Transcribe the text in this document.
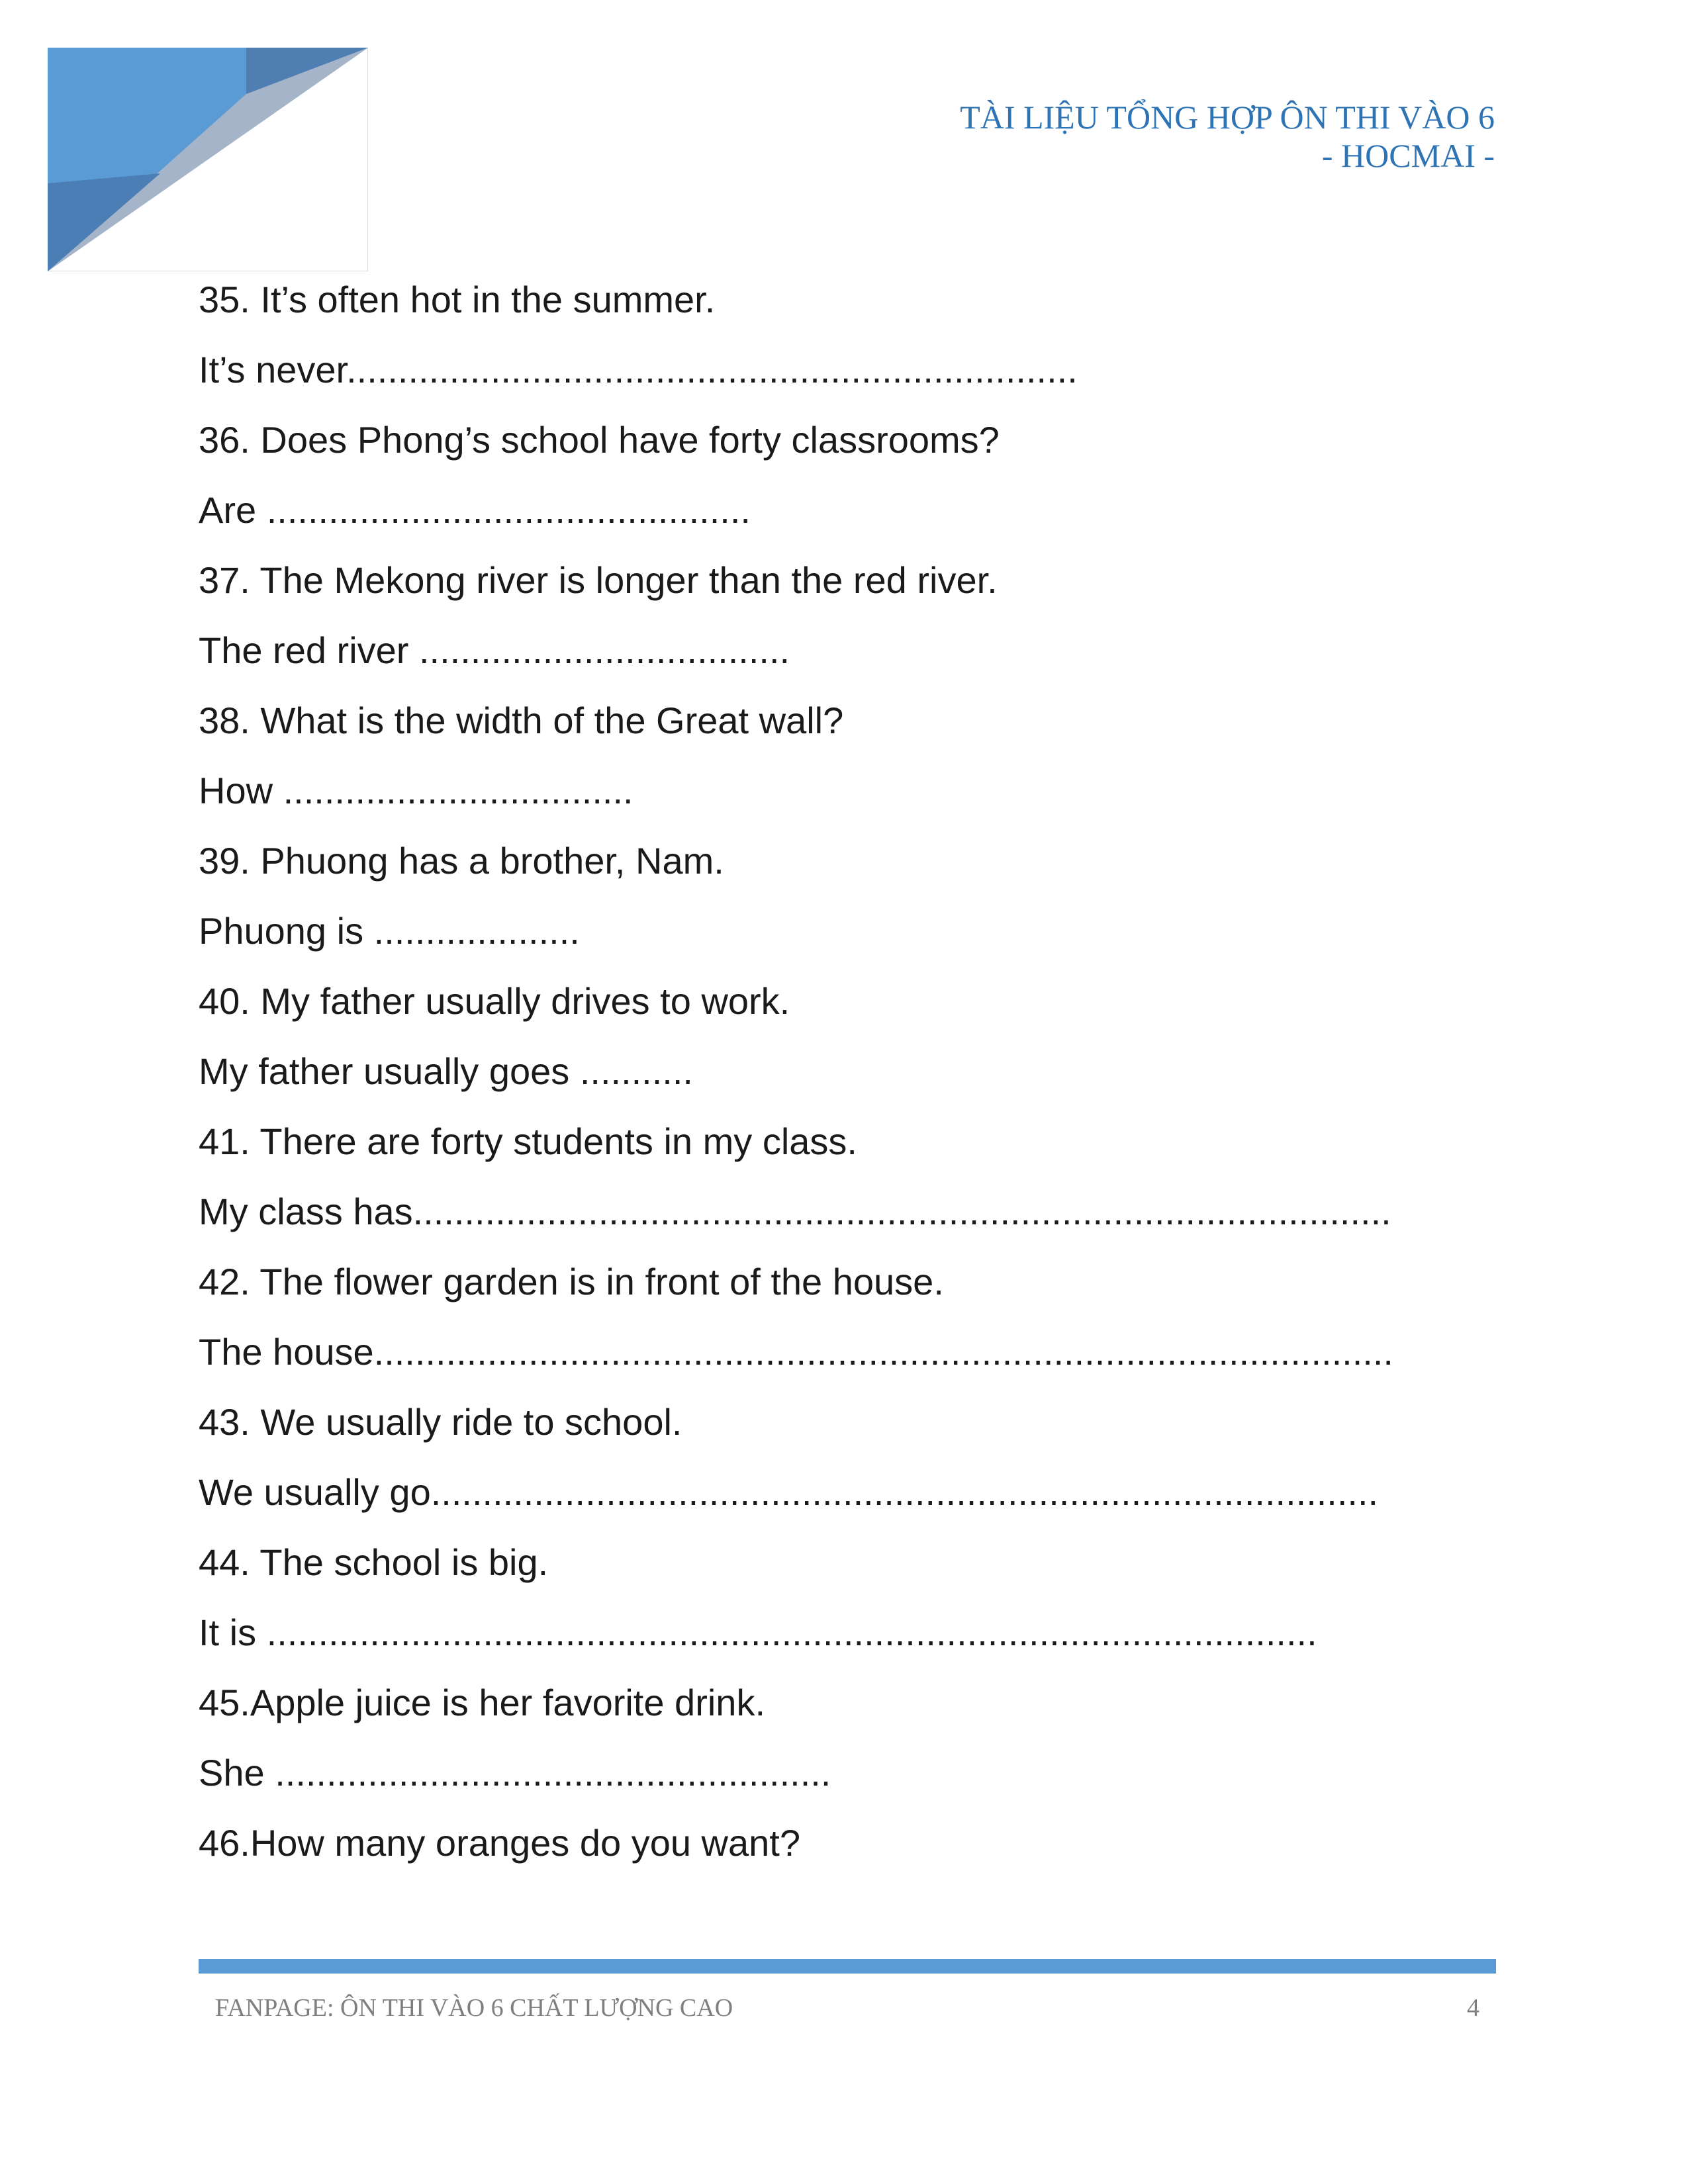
TÀI LIỆU TỔNG HỢP ÔN THI VÀO 6
- HOCMAI -
35. It’s often hot in the summer.
It’s never.......................................................................
36. Does Phong’s school have forty classrooms?
Are ...............................................
37. The Mekong river is longer than the red river.
The red river ....................................
38. What is the width of the Great wall?
How ..................................
39. Phuong has a brother, Nam.
Phuong is ....................
40. My father usually drives to work.
My father usually goes ...........
41. There are forty students in my class.
My class has...............................................................................................
42. The flower garden is in front of the house.
The house...................................................................................................
43. We usually ride to school.
We usually go............................................................................................
44. The school is big.
It is ......................................................................................................
45.Apple juice is her favorite drink.
She ......................................................
46.How many oranges do you want?
FANPAGE: ÔN THI VÀO 6 CHẤT LƯỢNG CAO	4
